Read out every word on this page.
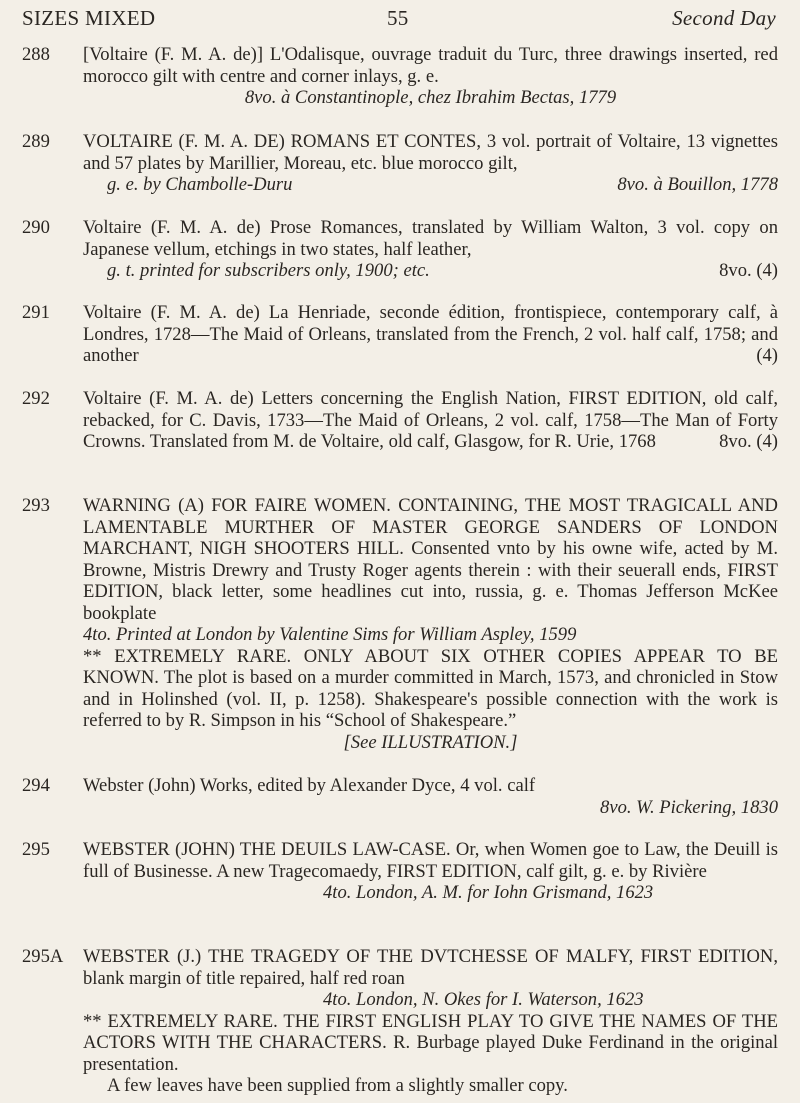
SIZES MIXED	55	Second Day
288	[Voltaire (F. M. A. de)] L'Odalisque, ouvrage traduit du Turc, three drawings inserted, red morocco gilt with centre and corner inlays, g. e.

8vo. à Constantinople, chez Ibrahim Bectas, 1779

289	VOLTAIRE (F. M. A. DE) ROMANS ET CONTES, 3 vol. portrait of Voltaire, 13 vignettes and 57 plates by Marillier, Moreau, etc. blue morocco gilt,

g. e. by Chambolle-Duru	8vo. à Bouillon, 1778
290	Voltaire (F. M. A. de) Prose Romances, translated by William Walton, 3 vol. copy on Japanese vellum, etchings in two states, half leather,

g. t. printed for subscribers only, 1900; etc.	8vo. (4)
291	Voltaire (F. M. A. de) La Henriade, seconde édition, frontispiece, contemporary calf, à Londres, 1728—The Maid of Orleans, translated from the French, 2 vol. half calf, 1758; and another	(4)
292	Voltaire (F. M. A. de) Letters concerning the English Nation, FIRST EDITION, old calf, rebacked, for C. Davis, 1733—The Maid of Orleans, 2 vol. calf, 1758—The Man of Forty Crowns. Translated from M. de Voltaire, old calf, Glasgow, for R. Urie, 1768	8vo. (4)
293	WARNING (A) FOR FAIRE WOMEN. CONTAINING, THE MOST TRAGICALL AND LAMENTABLE MURTHER OF MASTER GEORGE SANDERS OF LONDON MARCHANT, NIGH SHOOTERS HILL. Consented vnto by his owne wife, acted by M. Browne, Mistris Drewry and Trusty Roger agents therein : with their seuerall ends, FIRST EDITION, black letter, some headlines cut into, russia, g. e. Thomas Jefferson McKee bookplate

4to. Printed at London by Valentine Sims for William Aspley, 1599

** EXTREMELY RARE. ONLY ABOUT SIX OTHER COPIES APPEAR TO BE KNOWN. The plot is based on a murder committed in March, 1573, and chronicled in Stow and in Holinshed (vol. II, p. 1258). Shakespeare's possible connection with the work is referred to by R. Simpson in his “School of Shakespeare.”

[See ILLUSTRATION.]

294	Webster (John) Works, edited by Alexander Dyce, 4 vol. calf

8vo. W. Pickering, 1830
295	WEBSTER (JOHN) THE DEUILS LAW-CASE. Or, when Women goe to Law, the Deuill is full of Businesse. A new Tragecomaedy, FIRST EDITION, calf gilt, g. e. by Rivière

4to. London, A. M. for Iohn Grismand, 1623

295A	WEBSTER (J.) THE TRAGEDY OF THE DVTCHESSE OF MALFY, FIRST EDITION, blank margin of title repaired, half red roan

4to. London, N. Okes for I. Waterson, 1623

** EXTREMELY RARE. THE FIRST ENGLISH PLAY TO GIVE THE NAMES OF THE ACTORS WITH THE CHARACTERS. R. Burbage played Duke Ferdinand in the original presentation.

A few leaves have been supplied from a slightly smaller copy.
